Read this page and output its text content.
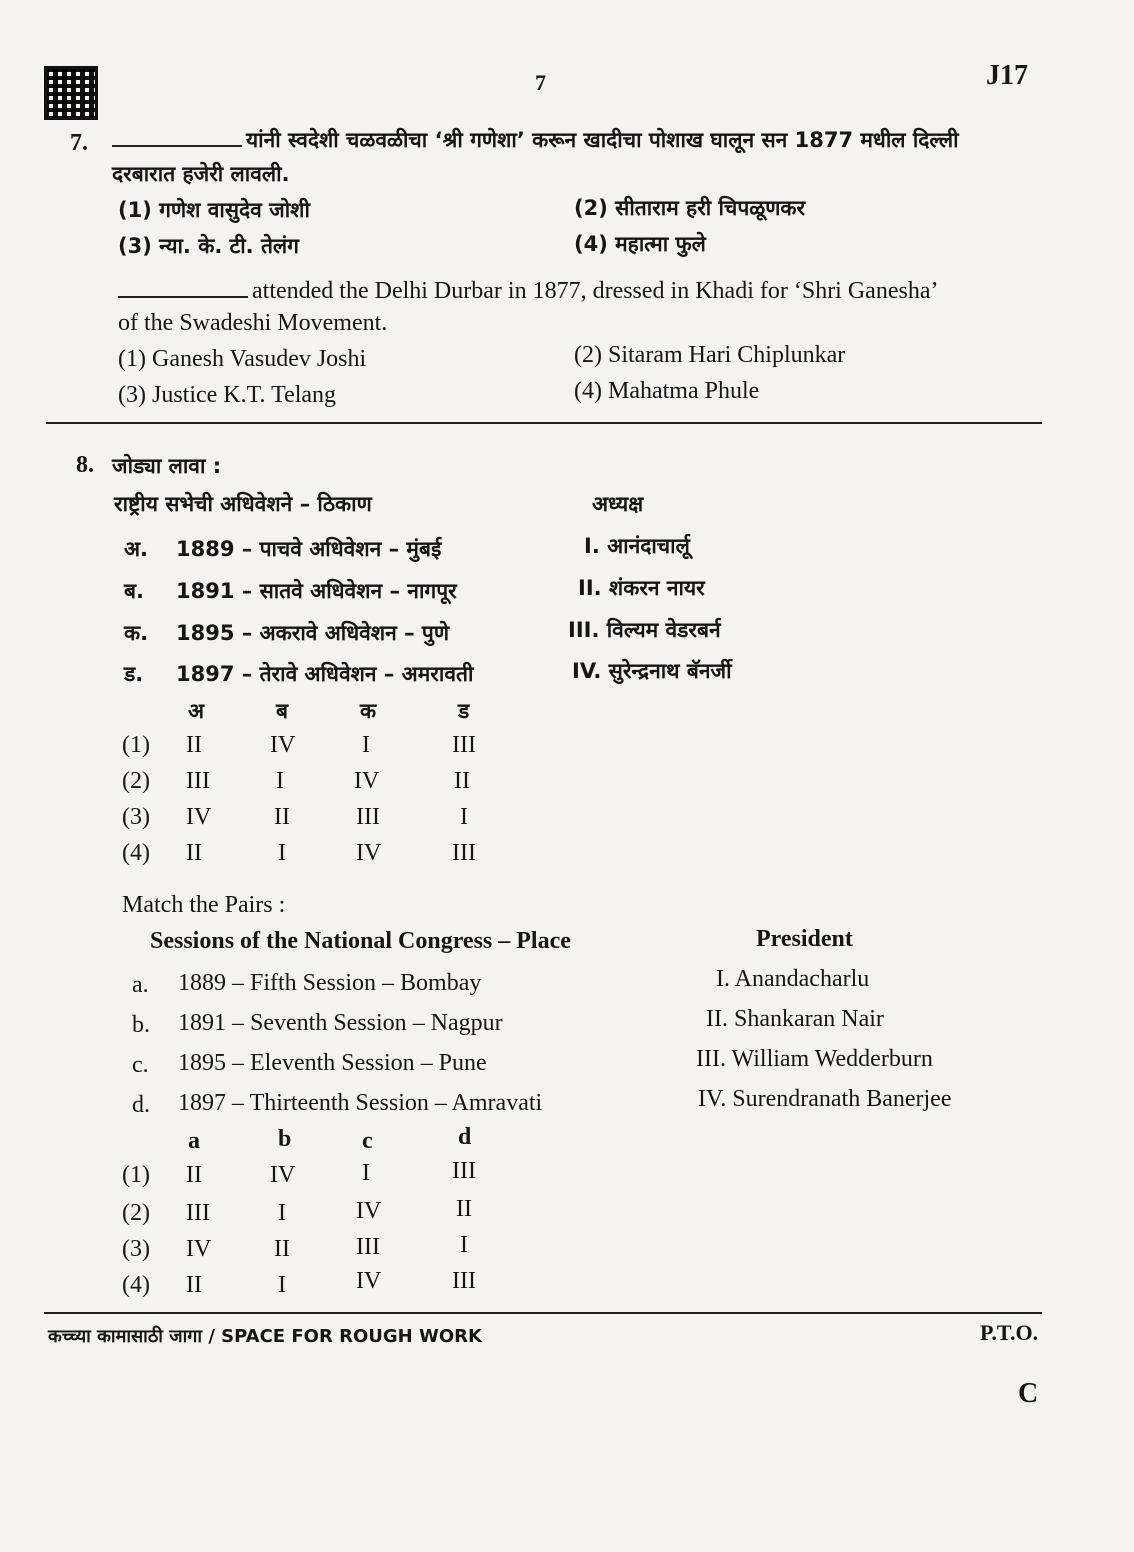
7	J17
7.	यांनी स्वदेशी चळवळीचा ‘श्री गणेशा’ करून खादीचा पोशाख घालून सन 1877 मधील दिल्ली
दरबारात हजेरी लावली.
(1) गणेश वासुदेव जोशी	(2) सीताराम हरी चिपळूणकर
(3) न्या. के. टी. तेलंग	(4) महात्मा फुले
attended the Delhi Durbar in 1877, dressed in Khadi for ‘Shri Ganesha’
of the Swadeshi Movement.
(1) Ganesh Vasudev Joshi	(2) Sitaram Hari Chiplunkar
(3) Justice K.T. Telang	(4) Mahatma Phule
8. जोड्या लावा :
राष्ट्रीय सभेची अधिवेशने – ठिकाण	अध्यक्ष
अ. 1889 – पाचवे अधिवेशन – मुंबई	I. आनंदाचार्लू
ब. 1891 – सातवे अधिवेशन – नागपूर	II. शंकरन नायर
क. 1895 – अकरावे अधिवेशन – पुणे	III. विल्यम वेडरबर्न
ड. 1897 – तेरावे अधिवेशन – अमरावती	IV. सुरेन्द्रनाथ बॅनर्जी
अ	ब	क	ड
(1) II	IV	I	III
(2) III	I	IV	II
(3) IV	II	III	I
(4) II	I	IV	III
Match the Pairs :
Sessions of the National Congress – Place	President
a. 1889 – Fifth Session – Bombay	I. Anandacharlu
b. 1891 – Seventh Session – Nagpur	II. Shankaran Nair
c. 1895 – Eleventh Session – Pune	III. William Wedderburn
d. 1897 – Thirteenth Session – Amravati	IV. Surendranath Banerjee
a	b	c	d
(1) II	IV	I	III
(2) III	I	IV	II
(3) IV	II	III	I
(4) II	I	IV	III
कच्च्या कामासाठी जागा / SPACE FOR ROUGH WORK	P.T.O.
C
